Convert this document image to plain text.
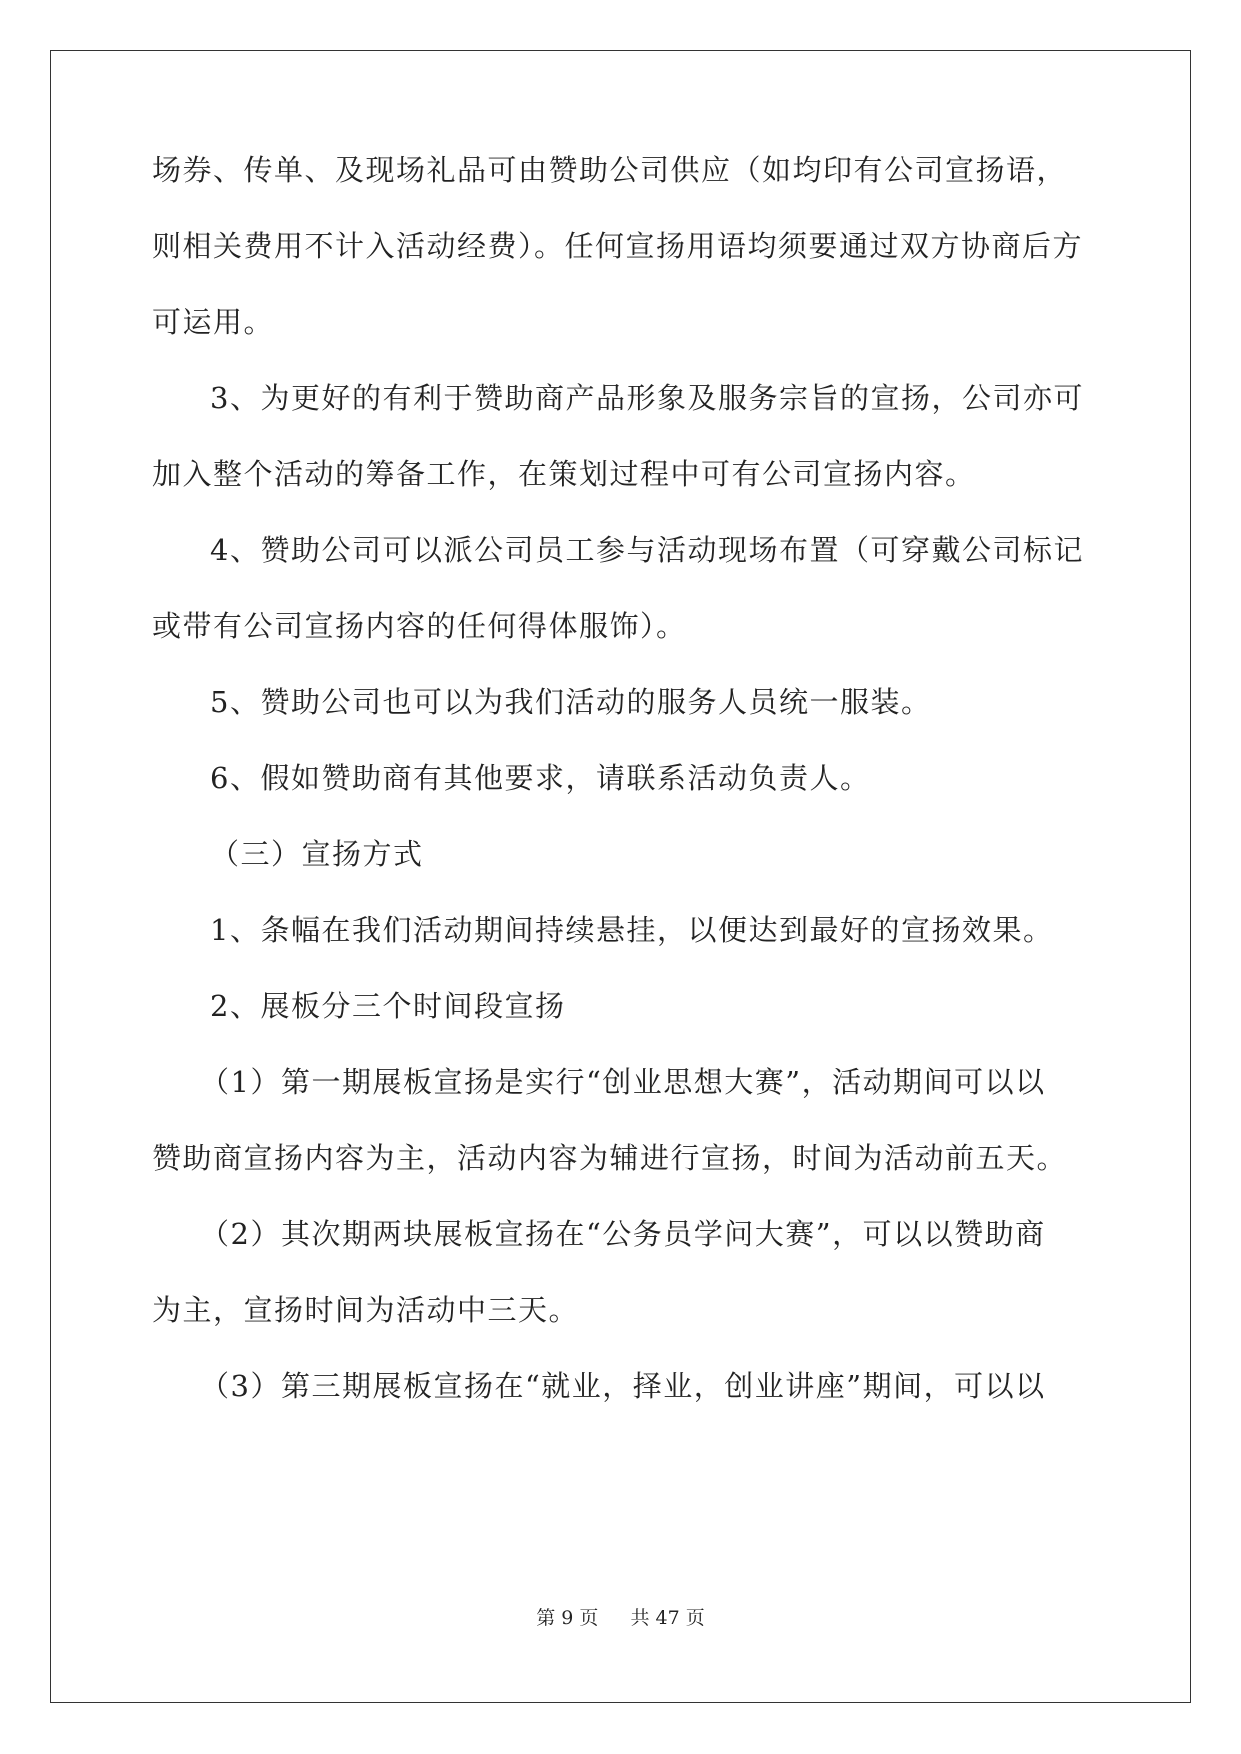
场券、传单、及现场礼品可由赞助公司供应（如均印有公司宣扬语，
则相关费用不计入活动经费）。任何宣扬用语均须要通过双方协商后方
可运用。
3、为更好的有利于赞助商产品形象及服务宗旨的宣扬，公司亦可
加入整个活动的筹备工作，在策划过程中可有公司宣扬内容。
4、赞助公司可以派公司员工参与活动现场布置（可穿戴公司标记
或带有公司宣扬内容的任何得体服饰）。
5、赞助公司也可以为我们活动的服务人员统一服装。
6、假如赞助商有其他要求，请联系活动负责人。
（三）宣扬方式
1、条幅在我们活动期间持续悬挂，以便达到最好的宣扬效果。
2、展板分三个时间段宣扬
（1）第一期展板宣扬是实行“创业思想大赛”，活动期间可以以
赞助商宣扬内容为主，活动内容为辅进行宣扬，时间为活动前五天。
（2）其次期两块展板宣扬在“公务员学问大赛”，可以以赞助商
为主，宣扬时间为活动中三天。
（3）第三期展板宣扬在“就业，择业，创业讲座”期间，可以以
第 9 页 共 47 页
